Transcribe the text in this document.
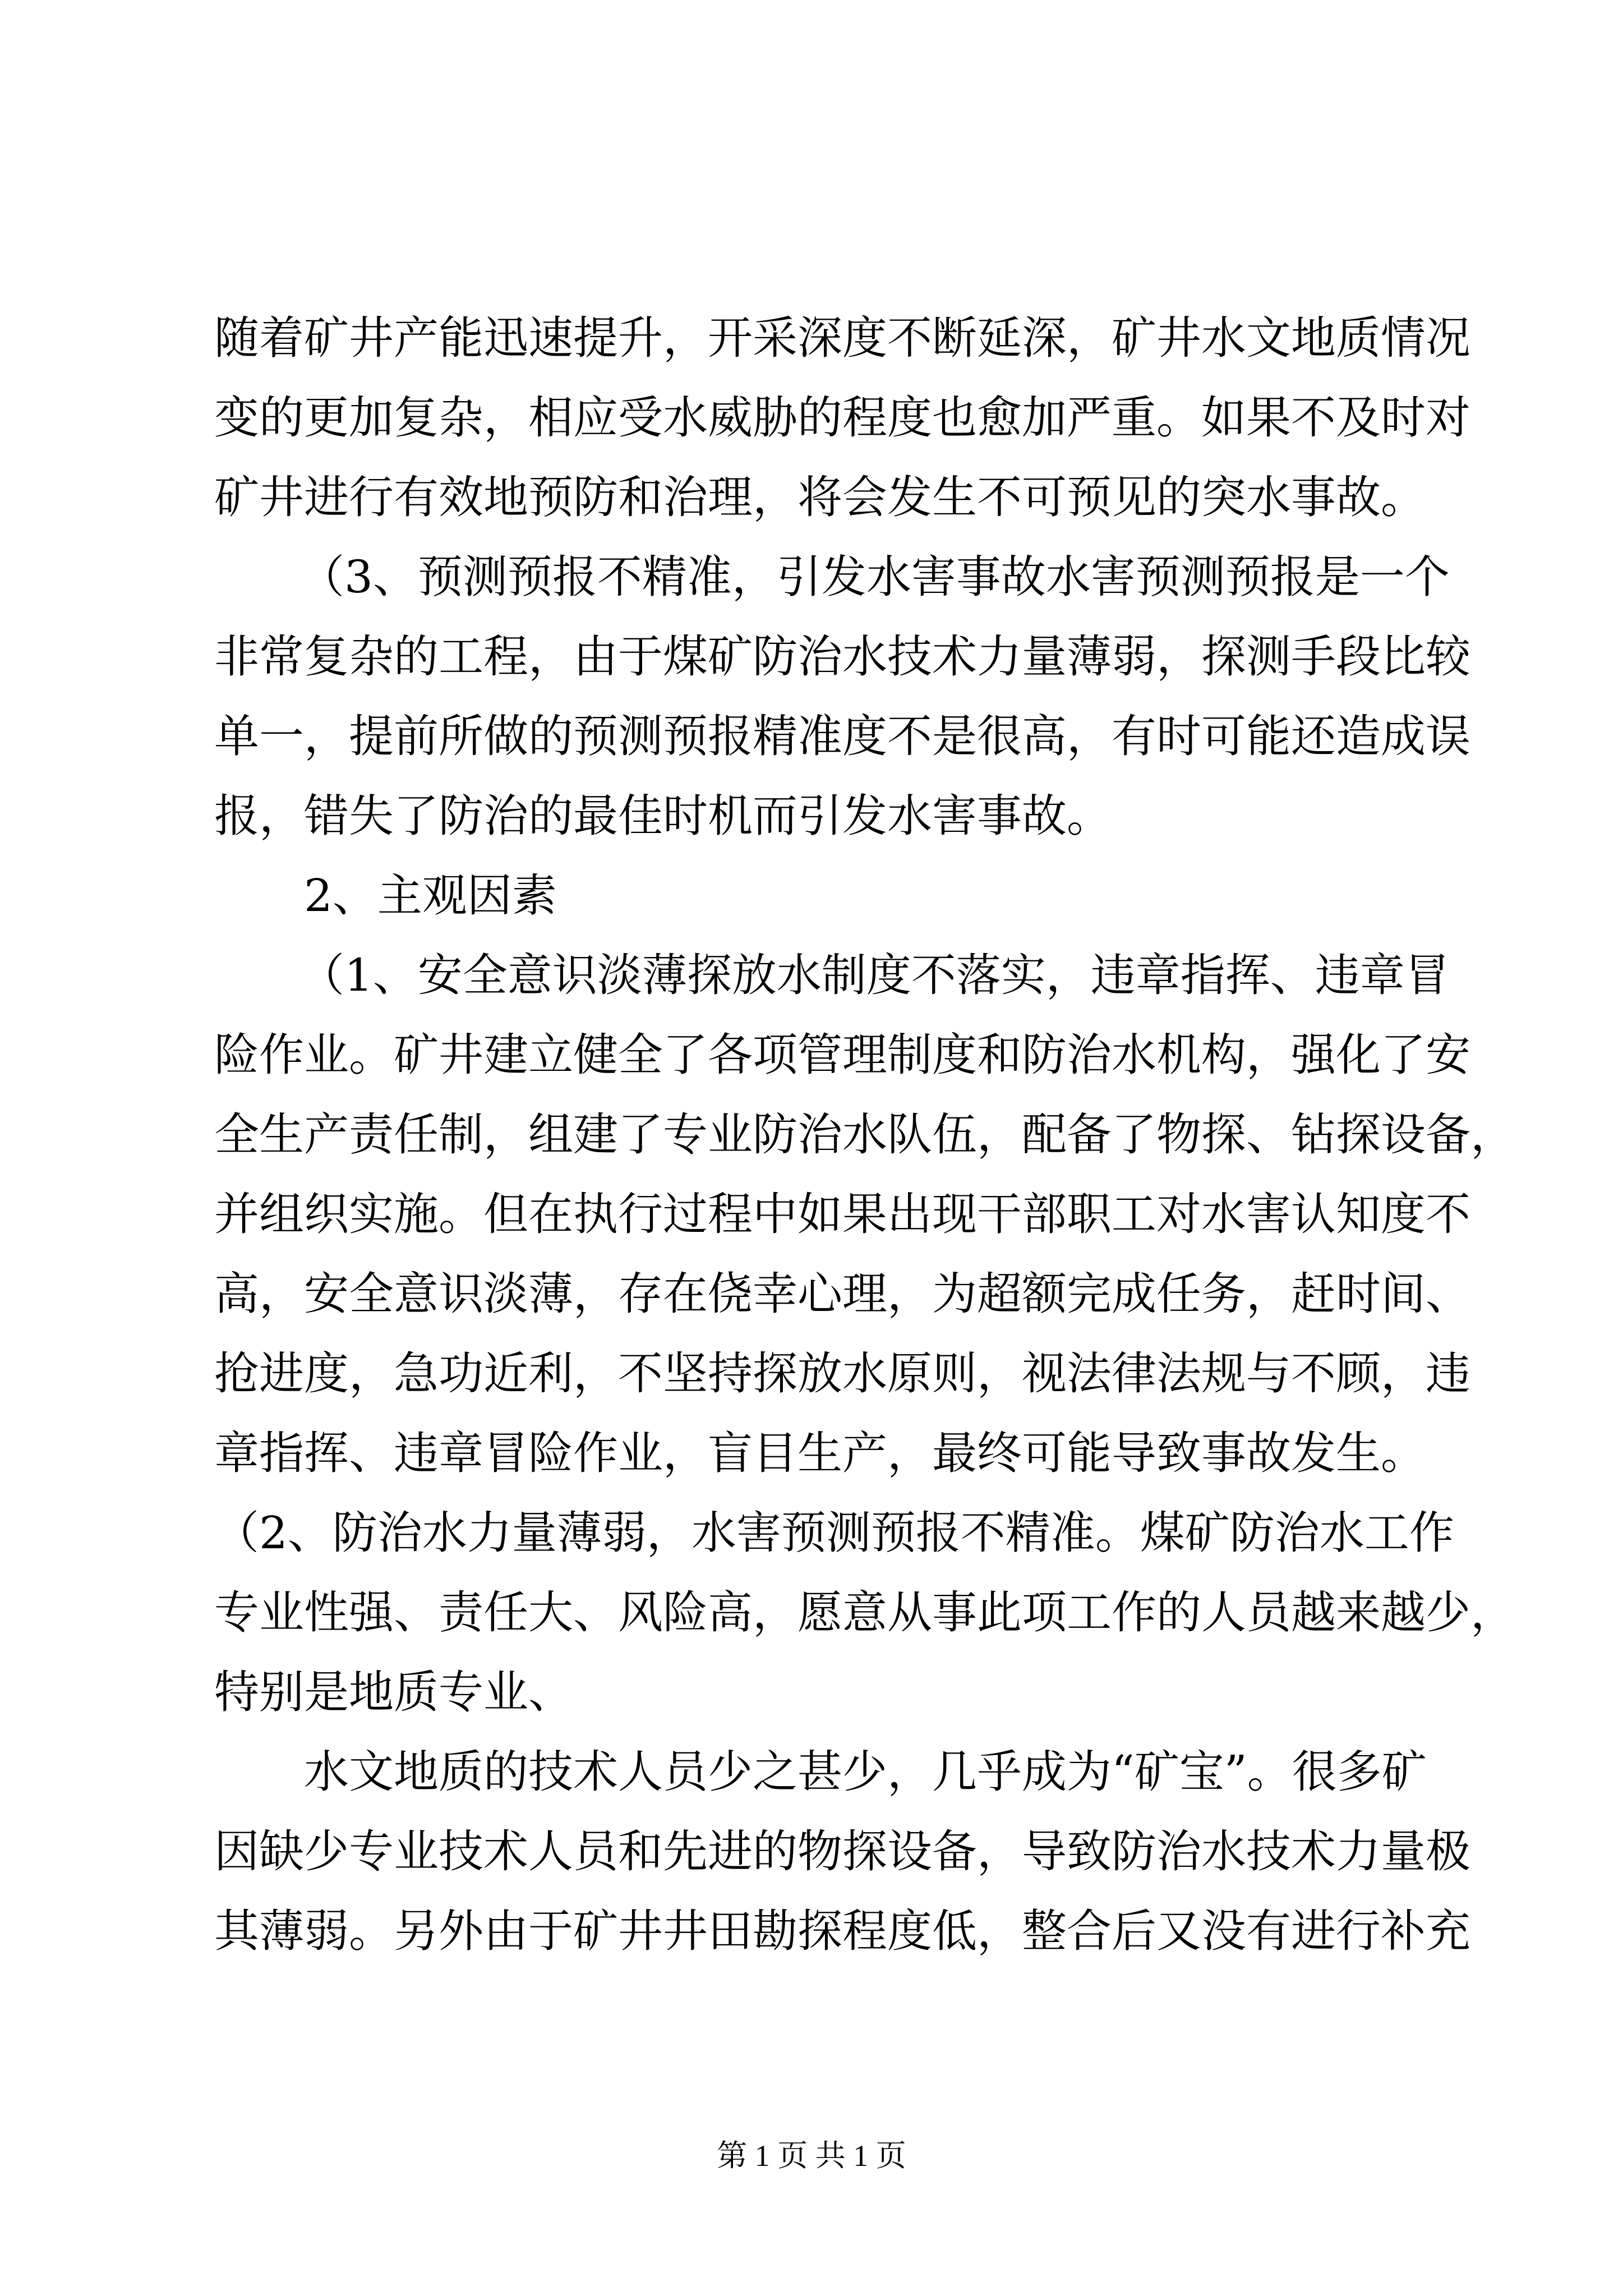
随着矿井产能迅速提升，开采深度不断延深，矿井水文地质情况
变的更加复杂，相应受水威胁的程度也愈加严重。如果不及时对
矿井进行有效地预防和治理，将会发生不可预见的突水事故。
（3、预测预报不精准，引发水害事故水害预测预报是一个
非常复杂的工程，由于煤矿防治水技术力量薄弱，探测手段比较
单一，提前所做的预测预报精准度不是很高，有时可能还造成误
报，错失了防治的最佳时机而引发水害事故。
2、主观因素
（1、安全意识淡薄探放水制度不落实，违章指挥、违章冒
险作业。矿井建立健全了各项管理制度和防治水机构，强化了安
全生产责任制，组建了专业防治水队伍，配备了物探、钻探设备，
并组织实施。但在执行过程中如果出现干部职工对水害认知度不
高，安全意识淡薄，存在侥幸心理，为超额完成任务，赶时间、
抢进度，急功近利，不坚持探放水原则，视法律法规与不顾，违
章指挥、违章冒险作业，盲目生产，最终可能导致事故发生。
（2、防治水力量薄弱，水害预测预报不精准。煤矿防治水工作
专业性强、责任大、风险高，愿意从事此项工作的人员越来越少，
特别是地质专业、
水文地质的技术人员少之甚少，几乎成为“矿宝”。很多矿
因缺少专业技术人员和先进的物探设备，导致防治水技术力量极
其薄弱。另外由于矿井井田勘探程度低，整合后又没有进行补充
第 1 页 共 1 页
